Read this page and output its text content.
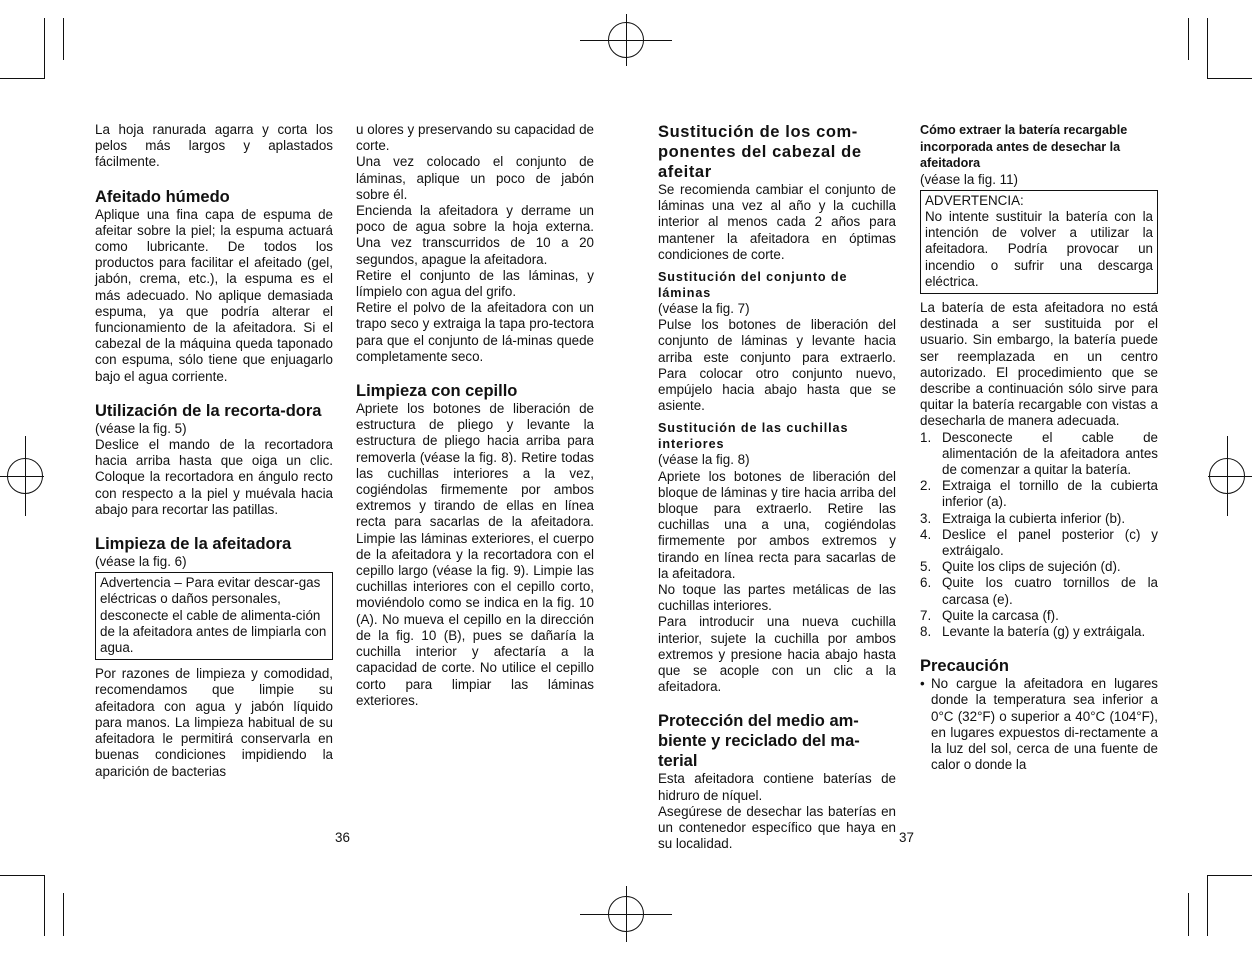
La hoja ranurada agarra y corta los pelos más largos y aplastados fácilmente.

Afeitado húmedo

Aplique una fina capa de espuma de afeitar sobre la piel; la espuma actuará como lubricante. De todos los productos para facilitar el afeitado (gel, jabón, crema, etc.), la espuma es el más adecuado. No aplique demasiada espuma, ya que podría alterar el funcionamiento de la afeitadora. Si el cabezal de la máquina queda taponado con espuma, sólo tiene que enjuagarlo bajo el agua corriente.

Utilización de la recorta-dora

(véase la fig. 5)

Deslice el mando de la recortadora hacia arriba hasta que oiga un clic. Coloque la recortadora en ángulo recto con respecto a la piel y muévala hacia abajo para recortar las patillas.

Limpieza de la afeitadora

(véase la fig. 6)

Advertencia – Para evitar descar-gas eléctricas o daños personales, desconecte el cable de alimenta-ción de la afeitadora antes de limpiarla con agua.

Por razones de limpieza y comodidad, recomendamos que limpie su afeitadora con agua y jabón líquido para manos. La limpieza habitual de su afeitadora le permitirá conservarla en buenas condiciones impidiendo la aparición de bacterias

u olores y preservando su capacidad de corte.

Una vez colocado el conjunto de láminas, aplique un poco de jabón sobre él.

Encienda la afeitadora y derrame un poco de agua sobre la hoja externa. Una vez transcurridos de 10 a 20 segundos, apague la afeitadora.

Retire el conjunto de las láminas, y límpielo con agua del grifo.

Retire el polvo de la afeitadora con un trapo seco y extraiga la tapa pro-tectora para que el conjunto de lá-minas quede completamente seco.

Limpieza con cepillo

Apriete los botones de liberación de estructura de pliego y levante la estructura de pliego hacia arriba para removerla (véase la fig. 8). Retire todas las cuchillas interiores a la vez, cogiéndolas firmemente por ambos extremos y tirando de ellas en línea recta para sacarlas de la afeitadora. Limpie las láminas exteriores, el cuerpo de la afeitadora y la recortadora con el cepillo largo (véase la fig. 9). Limpie las cuchillas interiores con el cepillo corto, moviéndolo como se indica en la fig. 10 (A). No mueva el cepillo en la dirección de la fig. 10 (B), pues se dañaría la cuchilla interior y afectaría a la capacidad de corte. No utilice el cepillo corto para limpiar las láminas exteriores.

36
Sustitución de los com-ponentes del cabezal de afeitar

Se recomienda cambiar el conjunto de láminas una vez al año y la cuchilla interior al menos cada 2 años para mantener la afeitadora en óptimas condiciones de corte.

Sustitución del conjunto de láminas

(véase la fig. 7)

Pulse los botones de liberación del conjunto de láminas y levante hacia arriba este conjunto para extraerlo. Para colocar otro conjunto nuevo, empújelo hacia abajo hasta que se asiente.

Sustitución de las cuchillas interiores

(véase la fig. 8)

Apriete los botones de liberación del bloque de láminas y tire hacia arriba del bloque para extraerlo. Retire las cuchillas una a una, cogiéndolas firmemente por ambos extremos y tirando en línea recta para sacarlas de la afeitadora.

No toque las partes metálicas de las cuchillas interiores.

Para introducir una nueva cuchilla interior, sujete la cuchilla por ambos extremos y presione hacia abajo hasta que se acople con un clic a la afeitadora.

Protección del medio am-biente y reciclado del ma-terial

Esta afeitadora contiene baterías de hidruro de níquel.

Asegúrese de desechar las baterías en un contenedor específico que haya en su localidad.	37
Cómo extraer la batería recargable incorporada antes de desechar la afeitadora

(véase la fig. 11)

ADVERTENCIA:

No intente sustituir la batería con la intención de volver a utilizar la afeitadora. Podría provocar un incendio o sufrir una descarga eléctrica.

La batería de esta afeitadora no está destinada a ser sustituida por el usuario. Sin embargo, la batería puede ser reemplazada en un centro autorizado. El procedimiento que se describe a continuación sólo sirve para quitar la batería recargable con vistas a desecharla de manera adecuada.

1. Desconecte el cable de alimentación de la afeitadora antes de comenzar a quitar la batería.
2. Extraiga el tornillo de la cubierta inferior (a).
3. Extraiga la cubierta inferior (b).
4. Deslice el panel posterior (c) y extráigalo.
5. Quite los clips de sujeción (d).
6. Quite los cuatro tornillos de la carcasa (e).
7. Quite la carcasa (f).
8. Levante la batería (g) y extráigala.
Precaución
• No cargue la afeitadora en lugares donde la temperatura sea inferior a 0°C (32°F) o superior a 40°C (104°F), en lugares expuestos di-rectamente a la luz del sol, cerca de una fuente de calor o donde la
